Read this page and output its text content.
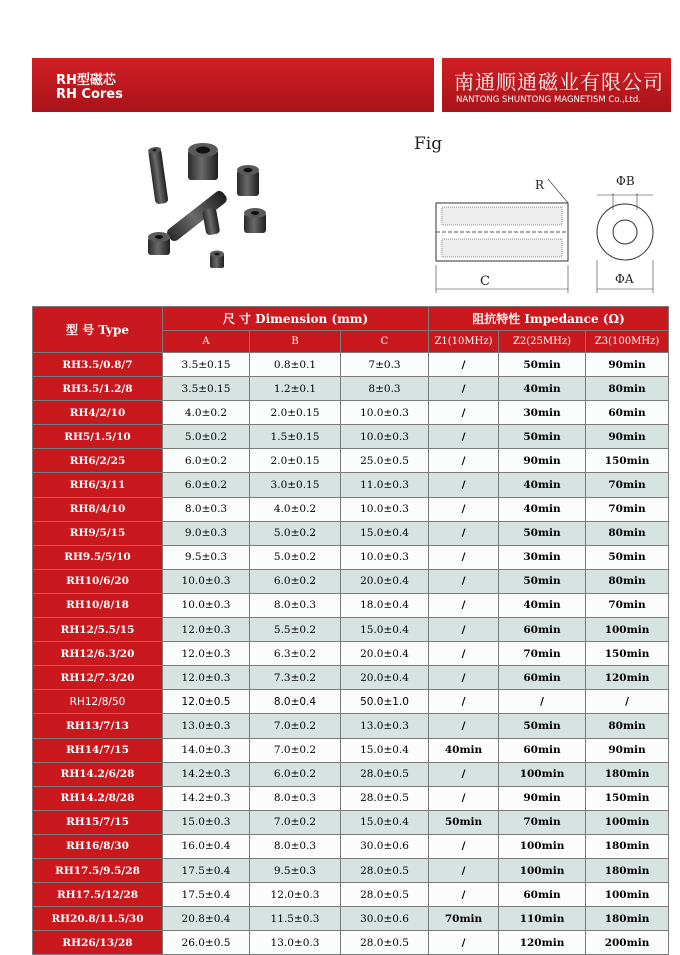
RH型磁芯
RH Cores
南通顺通磁业有限公司
NANTONG SHUNTONG MAGNETISM Co.,Ltd.
Fig
R
C
ΦB
ΦA
型 号 Type	尺 寸 Dimension (mm)			阻抗特性 Impedance (Ω)		
	A	B	C	Z1(10MHz)	Z2(25MHz)	Z3(100MHz)
RH3.5/0.8/7	3.5±0.15	0.8±0.1	7±0.3	/	50min	90min
RH3.5/1.2/8	3.5±0.15	1.2±0.1	8±0.3	/	40min	80min
RH4/2/10	4.0±0.2	2.0±0.15	10.0±0.3	/	30min	60min
RH5/1.5/10	5.0±0.2	1.5±0.15	10.0±0.3	/	50min	90min
RH6/2/25	6.0±0.2	2.0±0.15	25.0±0.5	/	90min	150min
RH6/3/11	6.0±0.2	3.0±0.15	11.0±0.3	/	40min	70min
RH8/4/10	8.0±0.3	4.0±0.2	10.0±0.3	/	40min	70min
RH9/5/15	9.0±0.3	5.0±0.2	15.0±0.4	/	50min	80min
RH9.5/5/10	9.5±0.3	5.0±0.2	10.0±0.3	/	30min	50min
RH10/6/20	10.0±0.3	6.0±0.2	20.0±0.4	/	50min	80min
RH10/8/18	10.0±0.3	8.0±0.3	18.0±0.4	/	40min	70min
RH12/5.5/15	12.0±0.3	5.5±0.2	15.0±0.4	/	60min	100min
RH12/6.3/20	12.0±0.3	6.3±0.2	20.0±0.4	/	70min	150min
RH12/7.3/20	12.0±0.3	7.3±0.2	20.0±0.4	/	60min	120min
RH12/8/50	12.0±0.5	8.0±0.4	50.0±1.0	/	/	/
RH13/7/13	13.0±0.3	7.0±0.2	13.0±0.3	/	50min	80min
RH14/7/15	14.0±0.3	7.0±0.2	15.0±0.4	40min	60min	90min
RH14.2/6/28	14.2±0.3	6.0±0.2	28.0±0.5	/	100min	180min
RH14.2/8/28	14.2±0.3	8.0±0.3	28.0±0.5	/	90min	150min
RH15/7/15	15.0±0.3	7.0±0.2	15.0±0.4	50min	70min	100min
RH16/8/30	16.0±0.4	8.0±0.3	30.0±0.6	/	100min	180min
RH17.5/9.5/28	17.5±0.4	9.5±0.3	28.0±0.5	/	100min	180min
RH17.5/12/28	17.5±0.4	12.0±0.3	28.0±0.5	/	60min	100min
RH20.8/11.5/30	20.8±0.4	11.5±0.3	30.0±0.6	70min	110min	180min
RH26/13/28	26.0±0.5	13.0±0.3	28.0±0.5	/	120min	200min
